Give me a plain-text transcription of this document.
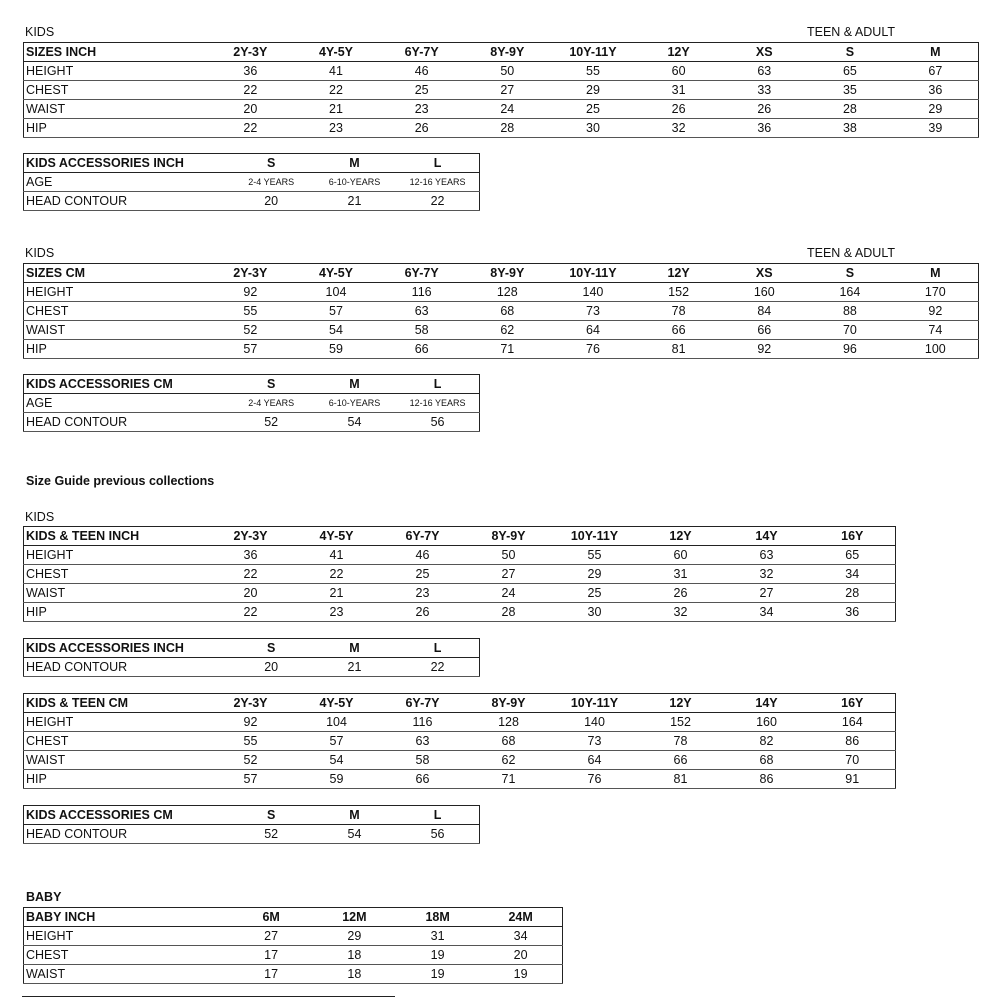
KIDS	TEEN & ADULT
KIDS	TEEN & ADULT
Size Guide previous collections
KIDS
BABY
SIZES INCH	2Y-3Y	4Y-5Y	6Y-7Y	8Y-9Y	10Y-11Y	12Y	XS	S	M
HEIGHT	36	41	46	50	55	60	63	65	67
CHEST	22	22	25	27	29	31	33	35	36
WAIST	20	21	23	24	25	26	26	28	29
HIP	22	23	26	28	30	32	36	38	39
KIDS ACCESSORIES INCH	S	M	L
AGE	2-4 YEARS	6-10-YEARS	12-16 YEARS
HEAD CONTOUR	20	21	22
SIZES CM	2Y-3Y	4Y-5Y	6Y-7Y	8Y-9Y	10Y-11Y	12Y	XS	S	M
HEIGHT	92	104	116	128	140	152	160	164	170
CHEST	55	57	63	68	73	78	84	88	92
WAIST	52	54	58	62	64	66	66	70	74
HIP	57	59	66	71	76	81	92	96	100
KIDS ACCESSORIES CM	S	M	L
AGE	2-4 YEARS	6-10-YEARS	12-16 YEARS
HEAD CONTOUR	52	54	56
KIDS & TEEN INCH	2Y-3Y	4Y-5Y	6Y-7Y	8Y-9Y	10Y-11Y	12Y	14Y	16Y
HEIGHT	36	41	46	50	55	60	63	65
CHEST	22	22	25	27	29	31	32	34
WAIST	20	21	23	24	25	26	27	28
HIP	22	23	26	28	30	32	34	36
KIDS ACCESSORIES INCH	S	M	L
HEAD CONTOUR	20	21	22
KIDS & TEEN CM	2Y-3Y	4Y-5Y	6Y-7Y	8Y-9Y	10Y-11Y	12Y	14Y	16Y
HEIGHT	92	104	116	128	140	152	160	164
CHEST	55	57	63	68	73	78	82	86
WAIST	52	54	58	62	64	66	68	70
HIP	57	59	66	71	76	81	86	91
KIDS ACCESSORIES CM	S	M	L
HEAD CONTOUR	52	54	56
BABY INCH	6M	12M	18M	24M
HEIGHT	27	29	31	34
CHEST	17	18	19	20
WAIST	17	18	19	19
